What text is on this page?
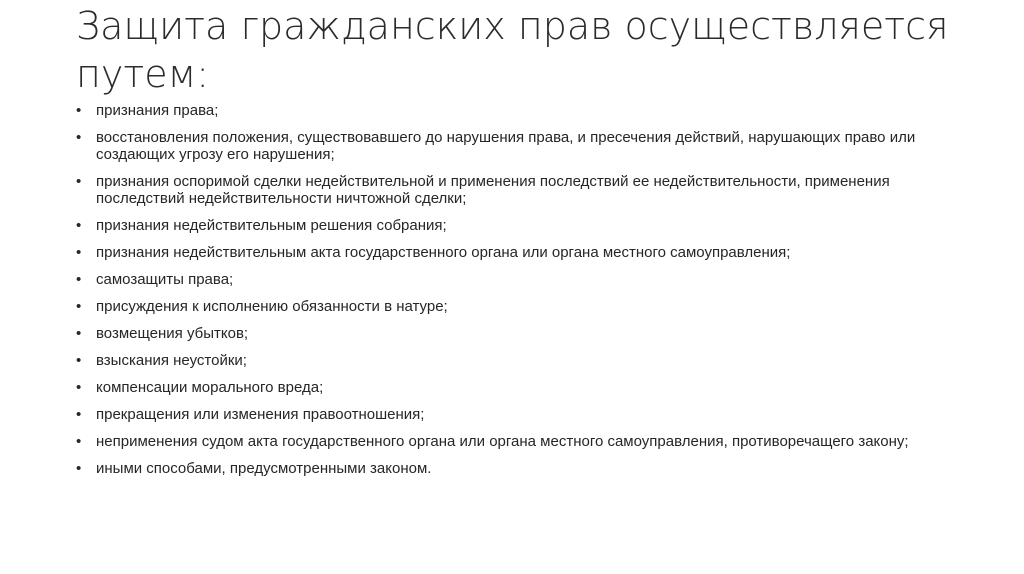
Защита гражданских прав осуществляется путем:
• признания права;
• восстановления положения, существовавшего до нарушения права, и пресечения действий, нарушающих право или создающих угрозу его нарушения;
• признания оспоримой сделки недействительной и применения последствий ее недействительности, применения последствий недействительности ничтожной сделки;
• признания недействительным решения собрания;
• признания недействительным акта государственного органа или органа местного самоуправления;
• самозащиты права;
• присуждения к исполнению обязанности в натуре;
• возмещения убытков;
• взыскания неустойки;
• компенсации морального вреда;
• прекращения или изменения правоотношения;
• неприменения судом акта государственного органа или органа местного самоуправления, противоречащего закону;
• иными способами, предусмотренными законом.
